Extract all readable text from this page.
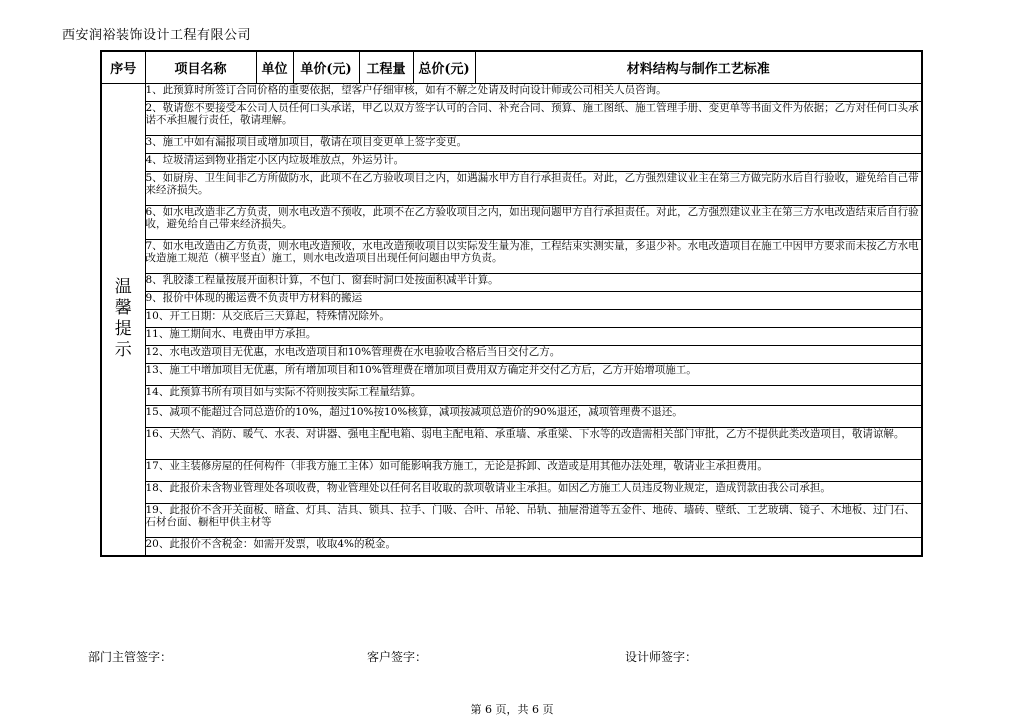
西安润裕装饰设计工程有限公司
序号	项目名称	单位	单价(元)	工程量	总价(元)	材料结构与制作工艺标准

温
馨
提
示	1、此预算时所签订合同价格的重要依据，望客户仔细审核，如有不解之处请及时向设计师或公司相关人员咨询。					
	2、敬请您不要接受本公司人员任何口头承诺，甲乙以双方签字认可的合同、补充合同、预算、施工图纸、施工管理手册、变更单等书面文件为依据；乙方对任何口头承诺不承担履行责任，敬请理解。					
	3、施工中如有漏报项目或增加项目，敬请在项目变更单上签字变更。					
	4、垃圾清运到物业指定小区内垃圾堆放点，外运另计。					
	5、如厨房、卫生间非乙方所做防水，此项不在乙方验收项目之内，如遇漏水甲方自行承担责任。对此，乙方强烈建议业主在第三方做完防水后自行验收，避免给自己带来经济损失。					
	6、如水电改造非乙方负责，则水电改造不预收，此项不在乙方验收项目之内，如出现问题甲方自行承担责任。对此，乙方强烈建议业主在第三方水电改造结束后自行验收，避免给自己带来经济损失。					
	7、如水电改造由乙方负责，则水电改造预收，水电改造预收项目以实际发生量为准，工程结束实测实量，多退少补。水电改造项目在施工中因甲方要求而未按乙方水电改造施工规范（横平竖直）施工，则水电改造项目出现任何问题由甲方负责。					
	8、乳胶漆工程量按展开面积计算，不包门、窗套时洞口处按面积减半计算。					
	9、报价中体现的搬运费不负责甲方材料的搬运					
	10、开工日期：从交底后三天算起，特殊情况除外。					
	11、施工期间水、电费由甲方承担。					
	12、水电改造项目无优惠，水电改造项目和10%管理费在水电验收合格后当日交付乙方。					
	13、施工中增加项目无优惠，所有增加项目和10%管理费在增加项目费用双方确定并交付乙方后，乙方开始增项施工。					
	14、此预算书所有项目如与实际不符则按实际工程量结算。					
	15、减项不能超过合同总造价的10%，超过10%按10%核算，减项按减项总造价的90%退还，减项管理费不退还。					
	16、天然气、消防、暖气、水表、对讲器、强电主配电箱、弱电主配电箱、承重墙、承重梁、下水等的改造需相关部门审批，乙方不提供此类改造项目，敬请谅解。					
	17、业主装修房屋的任何构件（非我方施工主体）如可能影响我方施工，无论是拆卸、改造或是用其他办法处理，敬请业主承担费用。					
	18、此报价未含物业管理处各项收费，物业管理处以任何名目收取的款项敬请业主承担。如因乙方施工人员违反物业规定，造成罚款由我公司承担。					
	19、此报价不含开关面板、暗盒、灯具、洁具、锁具、拉手、门吸、合叶、吊轮、吊轨、抽屉滑道等五金件、地砖、墙砖、壁纸、工艺玻璃、镜子、木地板、过门石、石材台面、橱柜甲供主材等					
	20、此报价不含税金：如需开发票，收取4%的税金。					
部门主管签字：	客户签字：	设计师签字：
第 6 页，共 6 页
